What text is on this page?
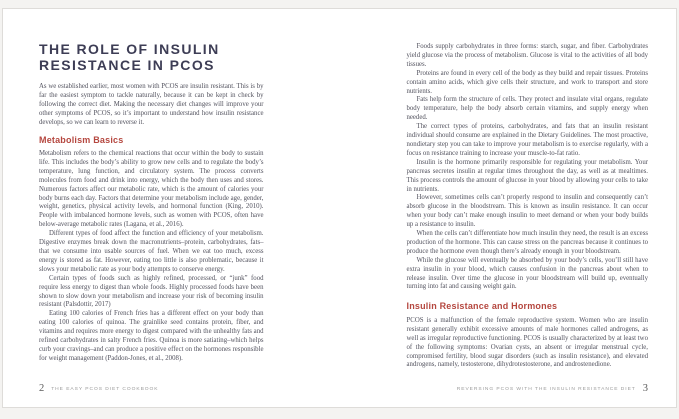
THE ROLE OF INSULIN
RESISTANCE IN PCOS

As we established earlier, most women with PCOS are insulin resistant. This is by far the easiest symptom to tackle naturally, because it can be kept in check by following the correct diet. Making the necessary diet changes will improve your other symptoms of PCOS, so it’s important to understand how insulin resistance develops, so we can learn to reverse it.

Metabolism Basics

Metabolism refers to the chemical reactions that occur within the body to sustain life. This includes the body’s ability to grow new cells and to regulate the body’s temperature, lung function, and circulatory system. The process converts molecules from food and drink into energy, which the body then uses and stores. Numerous factors affect our metabolic rate, which is the amount of calories your body burns each day. Factors that determine your metabolism include age, gender, weight, genetics, physical activity levels, and hormonal function (King, 2010). People with imbalanced hormone levels, such as women with PCOS, often have below-average metabolic rates (Lagana, et al., 2016).

Different types of food affect the function and efficiency of your metabolism. Digestive enzymes break down the macronutrients–protein, carbohydrates, fats–that we consume into usable sources of fuel. When we eat too much, excess energy is stored as fat. However, eating too little is also problematic, because it slows your metabolic rate as your body attempts to conserve energy.

Certain types of foods such as highly refined, processed, or “junk” food require less energy to digest than whole foods. Highly processed foods have been shown to slow down your metabolism and increase your risk of becoming insulin resistant (Palsdottir, 2017)

Eating 100 calories of French fries has a different effect on your body than eating 100 calories of quinoa. The grainlike seed contains protein, fiber, and vitamins and requires more energy to digest compared with the unhealthy fats and refined carbohydrates in salty French fries. Quinoa is more satiating–which helps curb your cravings–and can produce a positive effect on the hormones responsible for weight management (Paddon-Jones, et al., 2008).

2 THE EASY PCOS DIET COOKBOOK

Foods supply carbohydrates in three forms: starch, sugar, and fiber. Carbohydrates yield glucose via the process of metabolism. Glucose is vital to the activities of all body tissues.

Proteins are found in every cell of the body as they build and repair tissues. Proteins contain amino acids, which give cells their structure, and work to transport and store nutrients.

Fats help form the structure of cells. They protect and insulate vital organs, regulate body temperature, help the body absorb certain vitamins, and supply energy when needed.

The correct types of proteins, carbohydrates, and fats that an insulin resistant individual should consume are explained in the Dietary Guidelines. The most proactive, nondietary step you can take to improve your metabolism is to exercise regularly, with a focus on resistance training to increase your muscle-to-fat ratio.

Insulin is the hormone primarily responsible for regulating your metabolism. Your pancreas secretes insulin at regular times throughout the day, as well as at mealtimes. This process controls the amount of glucose in your blood by allowing your cells to take in nutrients.

However, sometimes cells can’t properly respond to insulin and consequently can’t absorb glucose in the bloodstream. This is known as insulin resistance. It can occur when your body can’t make enough insulin to meet demand or when your body builds up a resistance to insulin.

When the cells can’t differentiate how much insulin they need, the result is an excess production of the hormone. This can cause stress on the pancreas because it continues to produce the hormone even though there’s already enough in your bloodstream.

While the glucose will eventually be absorbed by your body’s cells, you’ll still have extra insulin in your blood, which causes confusion in the pancreas about when to release insulin. Over time the glucose in your bloodstream will build up, eventually turning into fat and causing weight gain.

Insulin Resistance and Hormones

PCOS is a malfunction of the female reproductive system. Women who are insulin resistant generally exhibit excessive amounts of male hormones called androgens, as well as irregular reproductive functioning. PCOS is usually characterized by at least two of the following symptoms: Ovarian cysts, an absent or irregular menstrual cycle, compromised fertility, blood sugar disorders (such as insulin resistance), and elevated androgens, namely, testosterone, dihydrotestosterone, and androstenedione.

REVERSING PCOS WITH THE INSULIN RESISTANCE DIET 3
